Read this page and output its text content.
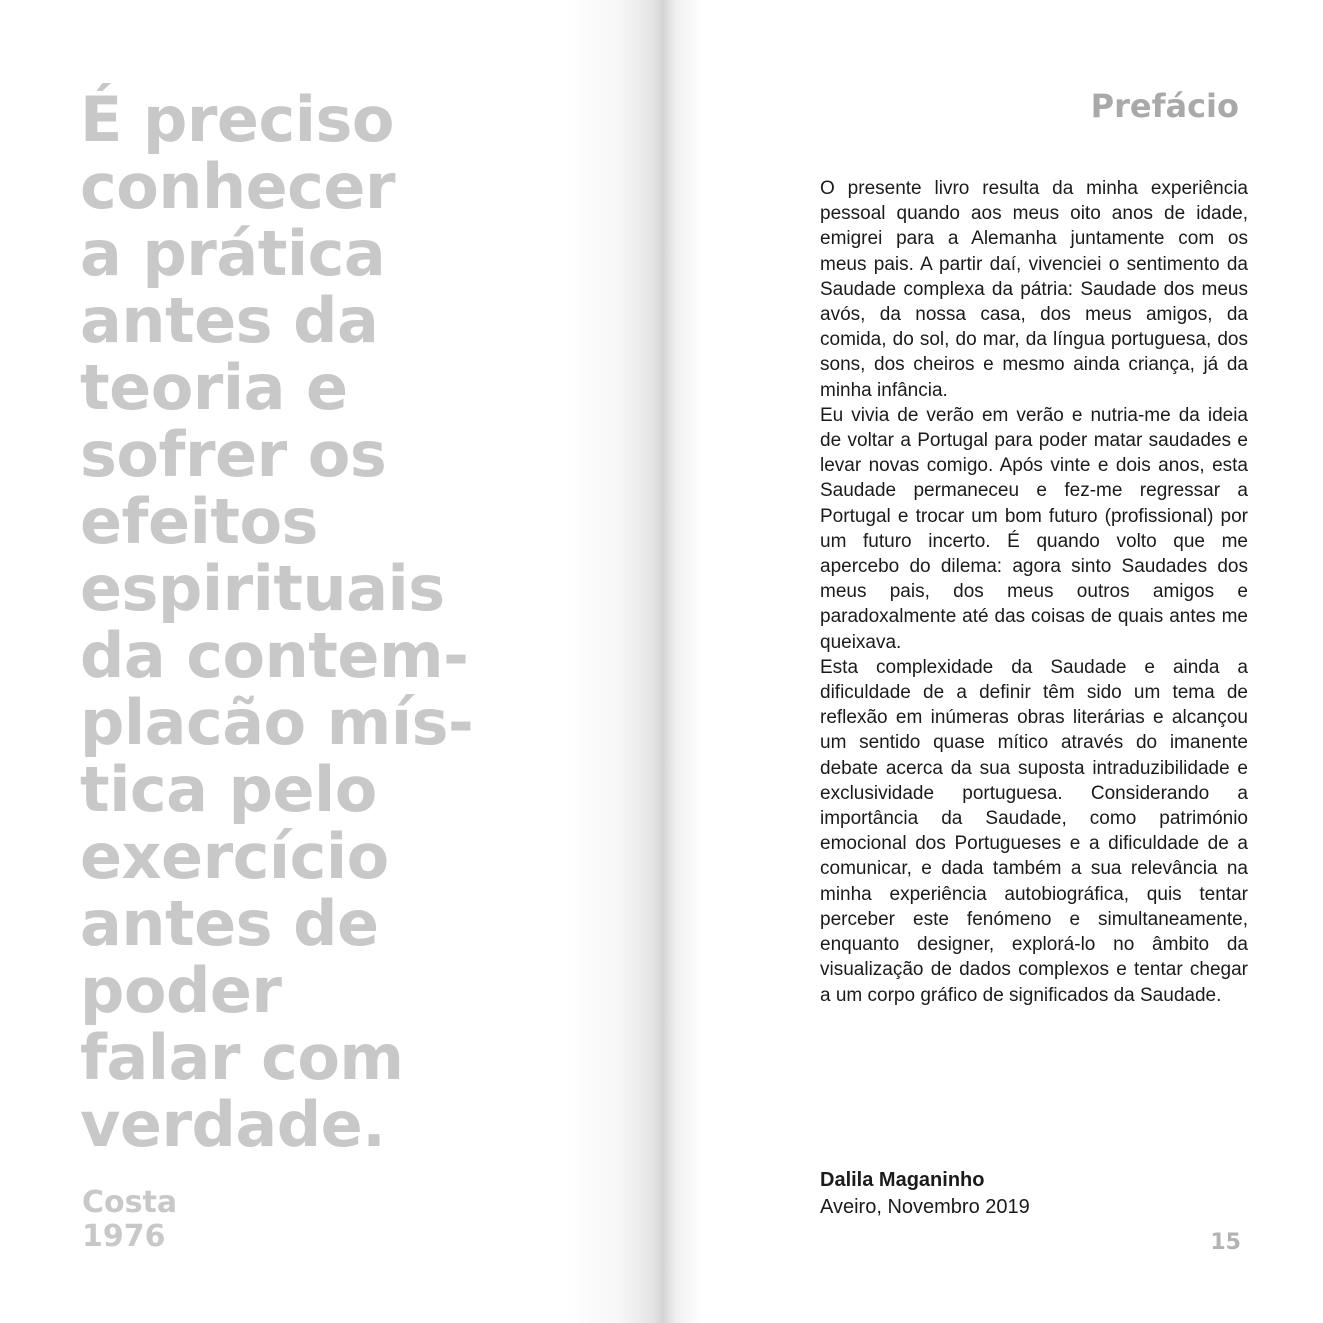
É preciso
conhecer
a prática
antes da
teoria e
sofrer os
efeitos
espirituais
da contem-
placão mís-
tica pelo
exercício
antes de
poder
falar com
verdade.
Costa
1976
Prefácio

O presente livro resulta da minha experiência pessoal quando aos meus oito anos de idade, emigrei para a Alemanha juntamente com os meus pais. A partir daí, vivenciei o sentimento da Saudade complexa da pátria: Saudade dos meus avós, da nossa casa, dos meus amigos, da comida, do sol, do mar, da língua portuguesa, dos sons, dos cheiros e mesmo ainda criança, já da minha infância.

Eu vivia de verão em verão e nutria-me da ideia de voltar a Portugal para poder matar saudades e levar novas comigo. Após vinte e dois anos, esta Saudade permaneceu e fez-me regressar a Portugal e trocar um bom futuro (profissional) por um futuro incerto. É quando volto que me apercebo do dilema: agora sinto Saudades dos meus pais, dos meus outros amigos e paradoxalmente até das coisas de quais antes me queixava.

Esta complexidade da Saudade e ainda a dificuldade de a definir têm sido um tema de reflexão em inúmeras obras literárias e alcançou um sentido quase mítico através do imanente debate acerca da sua suposta intraduzibilidade e exclusividade portuguesa. Considerando a importância da Saudade, como património emocional dos Portugueses e a dificuldade de a comunicar, e dada também a sua relevância na minha experiência autobiográfica, quis tentar perceber este fenómeno e simultaneamente, enquanto designer, explorá-lo no âmbito da visualização de dados complexos e tentar chegar a um corpo gráfico de significados da Saudade.

Dalila Maganinho
Aveiro, Novembro 2019
15
